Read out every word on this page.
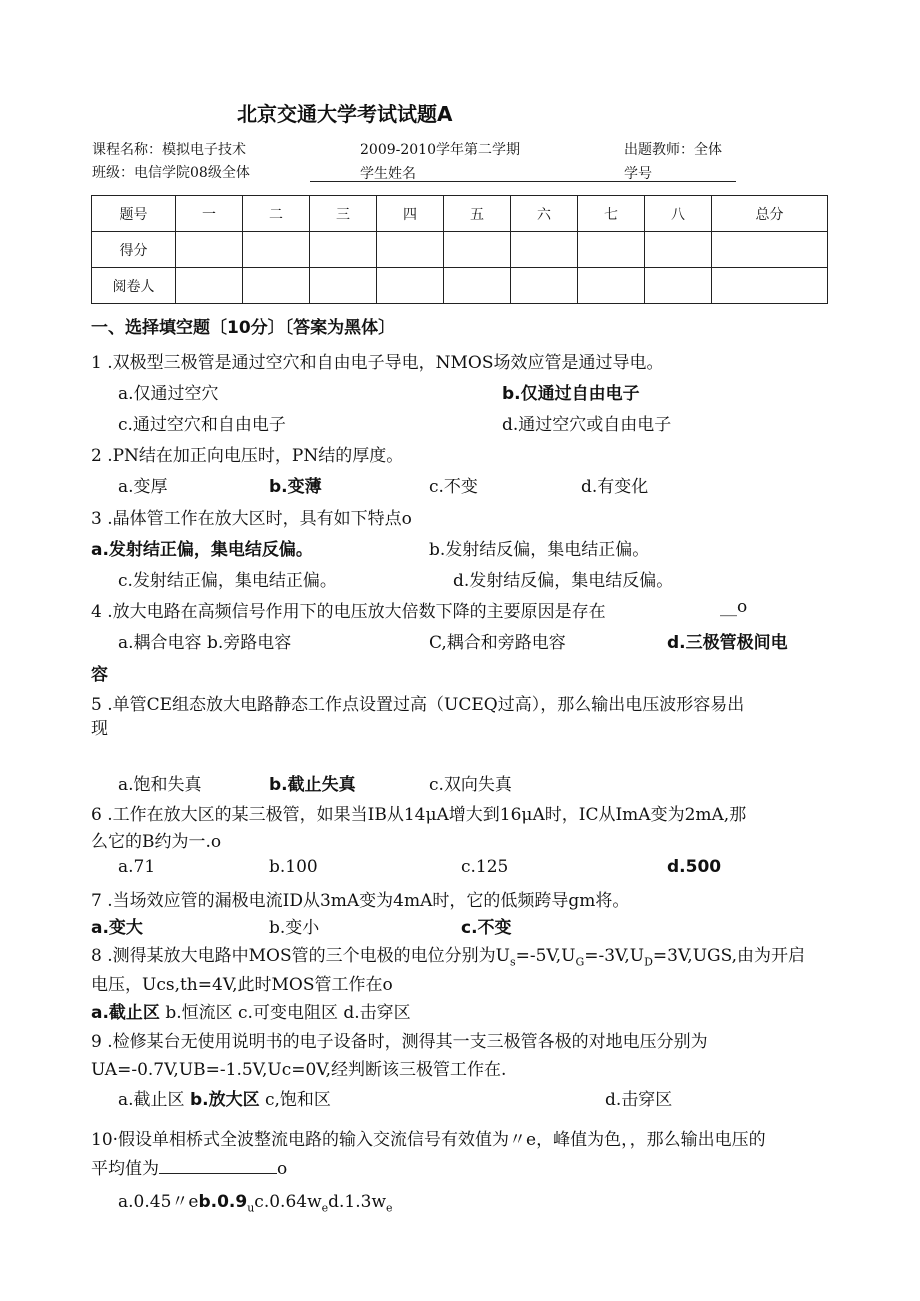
北京交通大学考试试题A
课程名称：模拟电子技术	2009-2010学年第二学期	出题教师：全体
班级：电信学院08级全体	学生姓名	学号
题号	一	二	三	四	五	六	七	八	总分
得分									
阅卷人									
一、选择填空题〔10分〕〔答案为黑体〕
1 .双极型三极管是通过空穴和自由电子导电，NMOS场效应管是通过导电。
a.仅通过空穴	b.仅通过自由电子
c.通过空穴和自由电子	d.通过空穴或自由电子
2 .PN结在加正向电压时，PN结的厚度。
a.变厚	b.变薄	c.不变	d.有变化
3 .晶体管工作在放大区时，具有如下特点o
a.发射结正偏，集电结反偏。	b.发射结反偏，集电结正偏。
c.发射结正偏，集电结正偏。	d.发射结反偏，集电结反偏。
4 .放大电路在高频信号作用下的电压放大倍数下降的主要原因是存在	__o
a.耦合电容 b.旁路电容	C,耦合和旁路电容	d.三极管极间电
容
5 .单管CE组态放大电路静态工作点设置过高（UCEQ过高），那么输出电压波形容易出
现
a.饱和失真	b.截止失真	c.双向失真
6 .工作在放大区的某三极管，如果当IB从14μA增大到16μA时，IC从ImA变为2mA,那
么它的B约为一.o
a.71	b.100	c.125	d.500
7 .当场效应管的漏极电流ID从3mA变为4mA时，它的低频跨导gm将。
a.变大	b.变小	c.不变
8 .测得某放大电路中MOS管的三个电极的电位分别为$U_s=-5V,U_G=-3V,U_D=3V,UGS$,由为开启
电压，Ucs,th=4V,此时MOS管工作在o
a.截止区 b.恒流区 c.可变电阻区 d.击穿区
9 .检修某台无使用说明书的电子设备时，测得其一支三极管各极的对地电压分别为
UA=-0.7V,UB=-1.5V,Uc=0V,经判断该三极管工作在.
a.截止区 b.放大区 c,饱和区	d.击穿区
10·假设单相桥式全波整流电路的输入交流信号有效值为〃e，峰值为色，，那么输出电压的
平均值为	o
a.0.45〃$eb.0.9_uc.0.64w_ed.1.3w_e$
